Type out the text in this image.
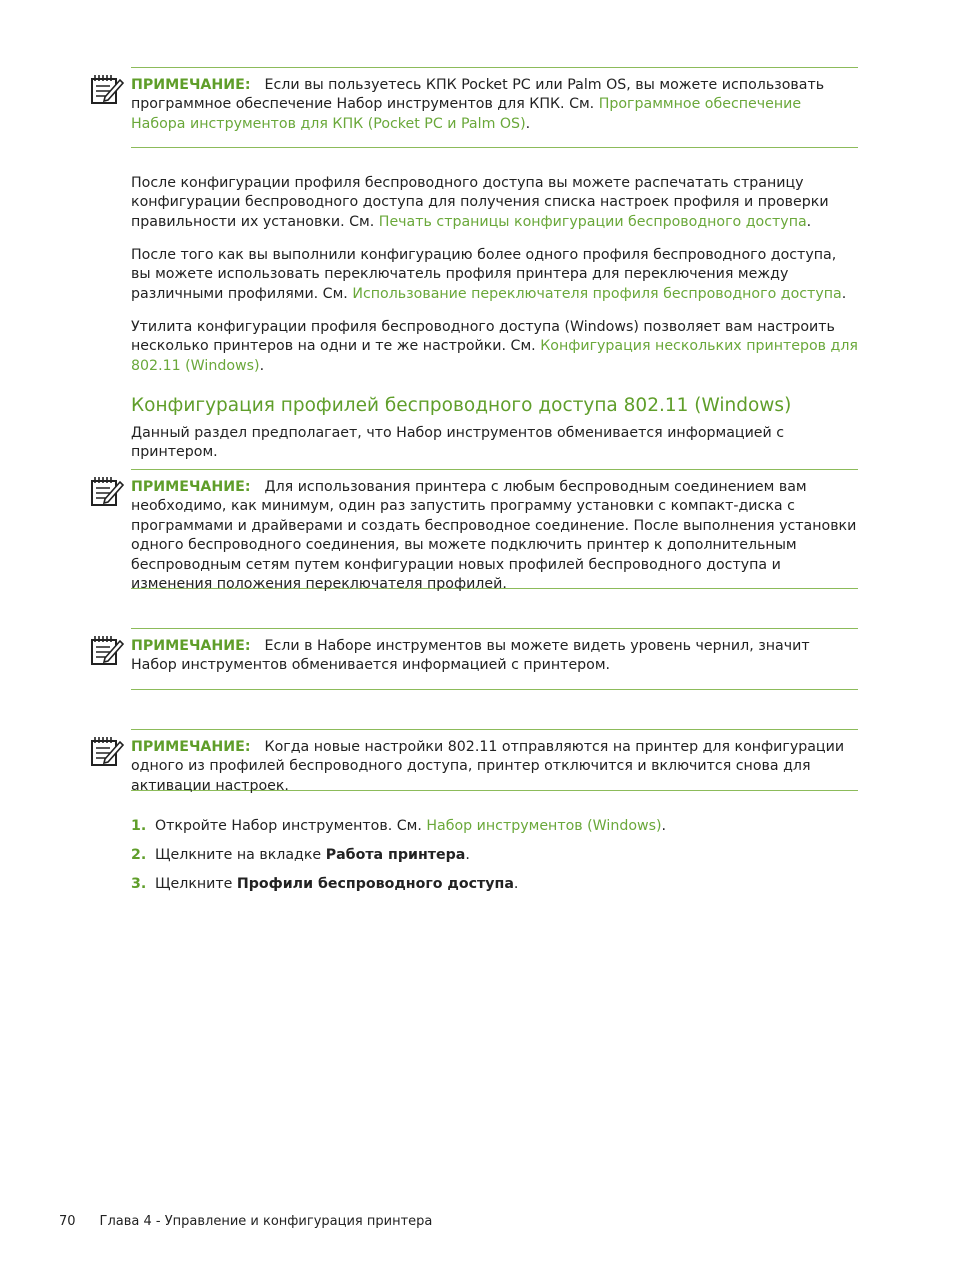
ПРИМЕЧАНИЕ: Если вы пользуетесь КПК Pocket PC или Palm OS, вы можете использовать программное обеспечение Набор инструментов для КПК. См. Программное обеспечение Набора инструментов для КПК (Pocket PC и Palm OS).

После конфигурации профиля беспроводного доступа вы можете распечатать страницу конфигурации беспроводного доступа для получения списка настроек профиля и проверки правильности их установки. См. Печать страницы конфигурации беспроводного доступа.

После того как вы выполнили конфигурацию более одного профиля беспроводного доступа, вы можете использовать переключатель профиля принтера для переключения между различными профилями. См. Использование переключателя профиля беспроводного доступа.

Утилита конфигурации профиля беспроводного доступа (Windows) позволяет вам настроить несколько принтеров на одни и те же настройки. См. Конфигурация нескольких принтеров для 802.11 (Windows).

Конфигурация профилей беспроводного доступа 802.11 (Windows)

Данный раздел предполагает, что Набор инструментов обменивается информацией с принтером.

ПРИМЕЧАНИЕ: Для использования принтера с любым беспроводным соединением вам необходимо, как минимум, один раз запустить программу установки с компакт-диска с программами и драйверами и создать беспроводное соединение. После выполнения установки одного беспроводного соединения, вы можете подключить принтер к дополнительным беспроводным сетям путем конфигурации новых профилей беспроводного доступа и изменения положения переключателя профилей.
ПРИМЕЧАНИЕ: Если в Наборе инструментов вы можете видеть уровень чернил, значит Набор инструментов обменивается информацией с принтером.
ПРИМЕЧАНИЕ: Когда новые настройки 802.11 отправляются на принтер для конфигурации одного из профилей беспроводного доступа, принтер отключится и включится снова для активации настроек.
1. Откройте Набор инструментов. См. Набор инструментов (Windows).
2. Щелкните на вкладке Работа принтера.
3. Щелкните Профили беспроводного доступа.
70 Глава 4 - Управление и конфигурация принтера
